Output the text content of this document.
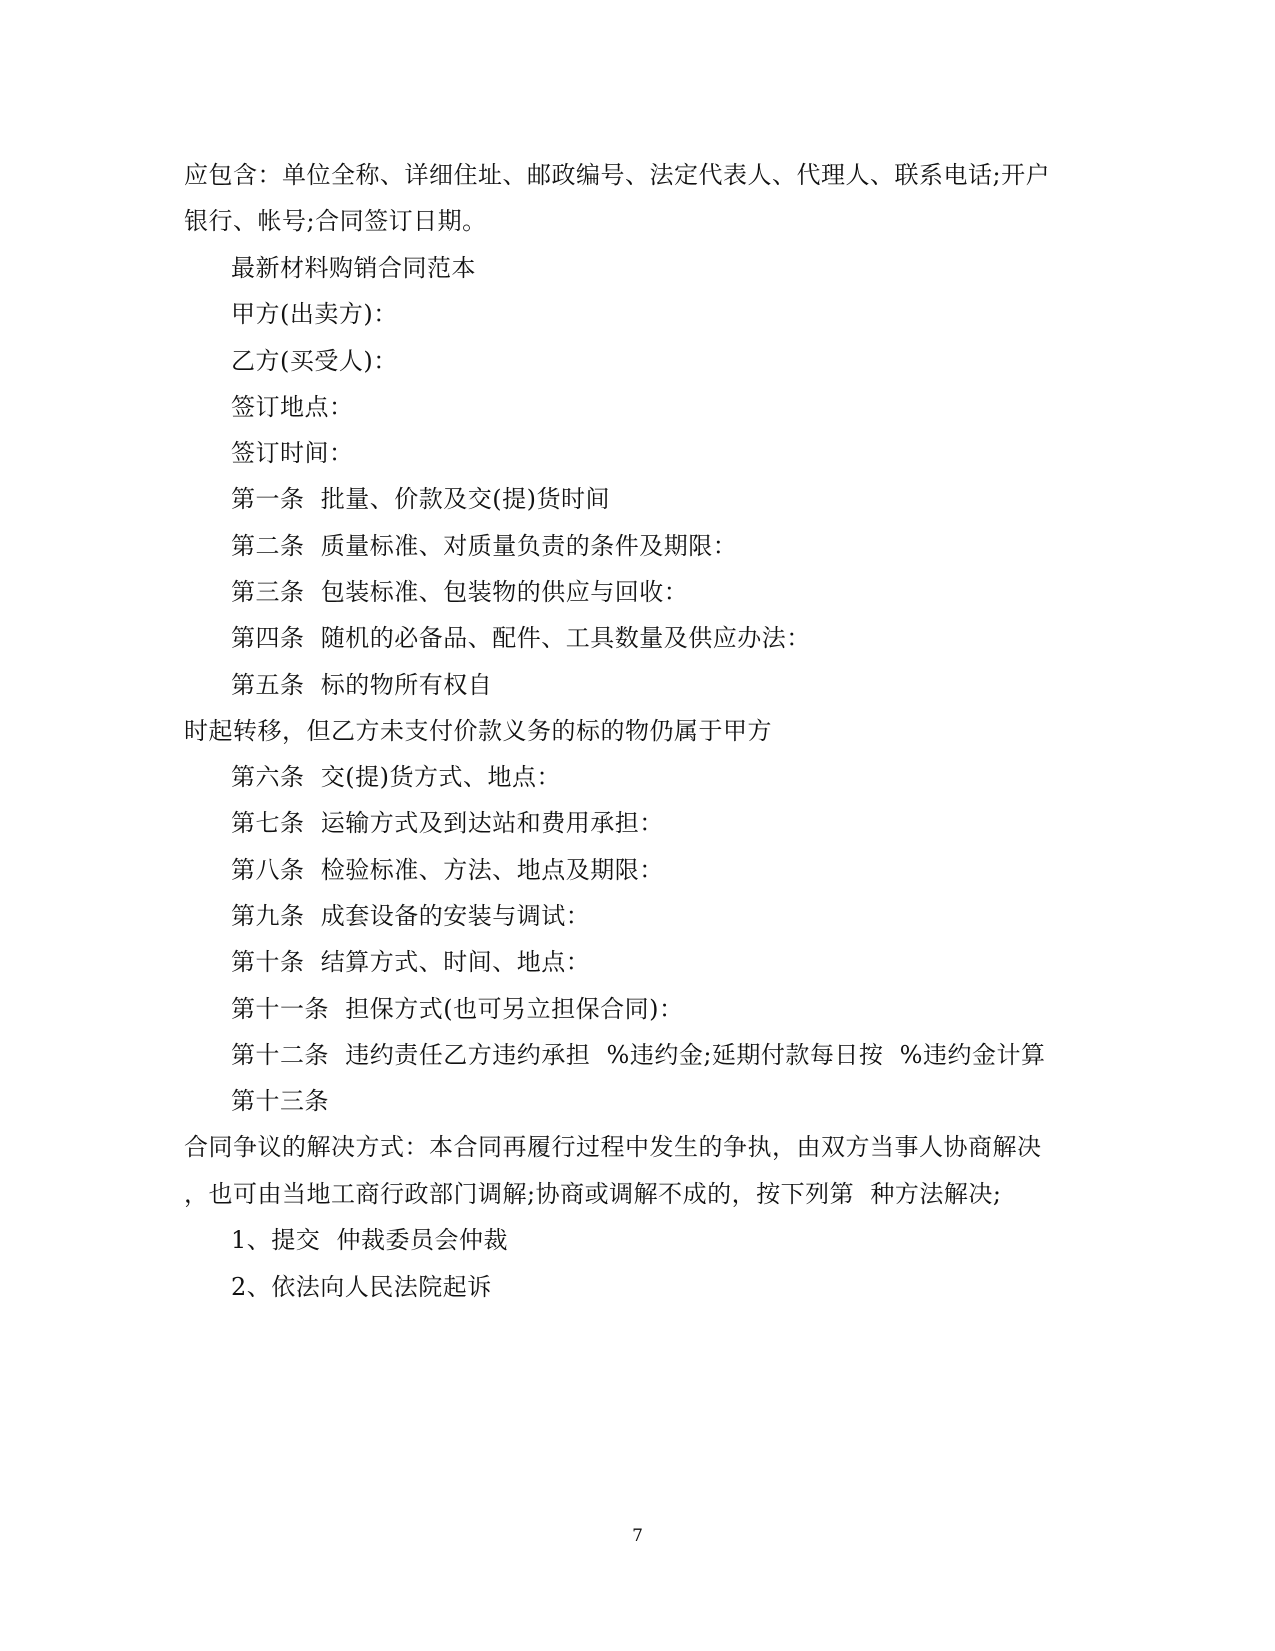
应包含：单位全称、详细住址、邮政编号、法定代表人、代理人、联系电话;开户
银行、帐号;合同签订日期。
最新材料购销合同范本
甲方(出卖方)：
乙方(买受人)：
签订地点：
签订时间：
第一条  批量、价款及交(提)货时间
第二条  质量标准、对质量负责的条件及期限：
第三条  包装标准、包装物的供应与回收：
第四条  随机的必备品、配件、工具数量及供应办法：
第五条  标的物所有权自
时起转移，但乙方未支付价款义务的标的物仍属于甲方
第六条  交(提)货方式、地点：
第七条  运输方式及到达站和费用承担：
第八条  检验标准、方法、地点及期限：
第九条  成套设备的安装与调试：
第十条  结算方式、时间、地点：
第十一条  担保方式(也可另立担保合同)：
第十二条  违约责任乙方违约承担  %违约金;延期付款每日按  %违约金计算
第十三条
合同争议的解决方式：本合同再履行过程中发生的争执，由双方当事人协商解决
，也可由当地工商行政部门调解;协商或调解不成的，按下列第  种方法解决;
1、提交  仲裁委员会仲裁
2、依法向人民法院起诉
7
